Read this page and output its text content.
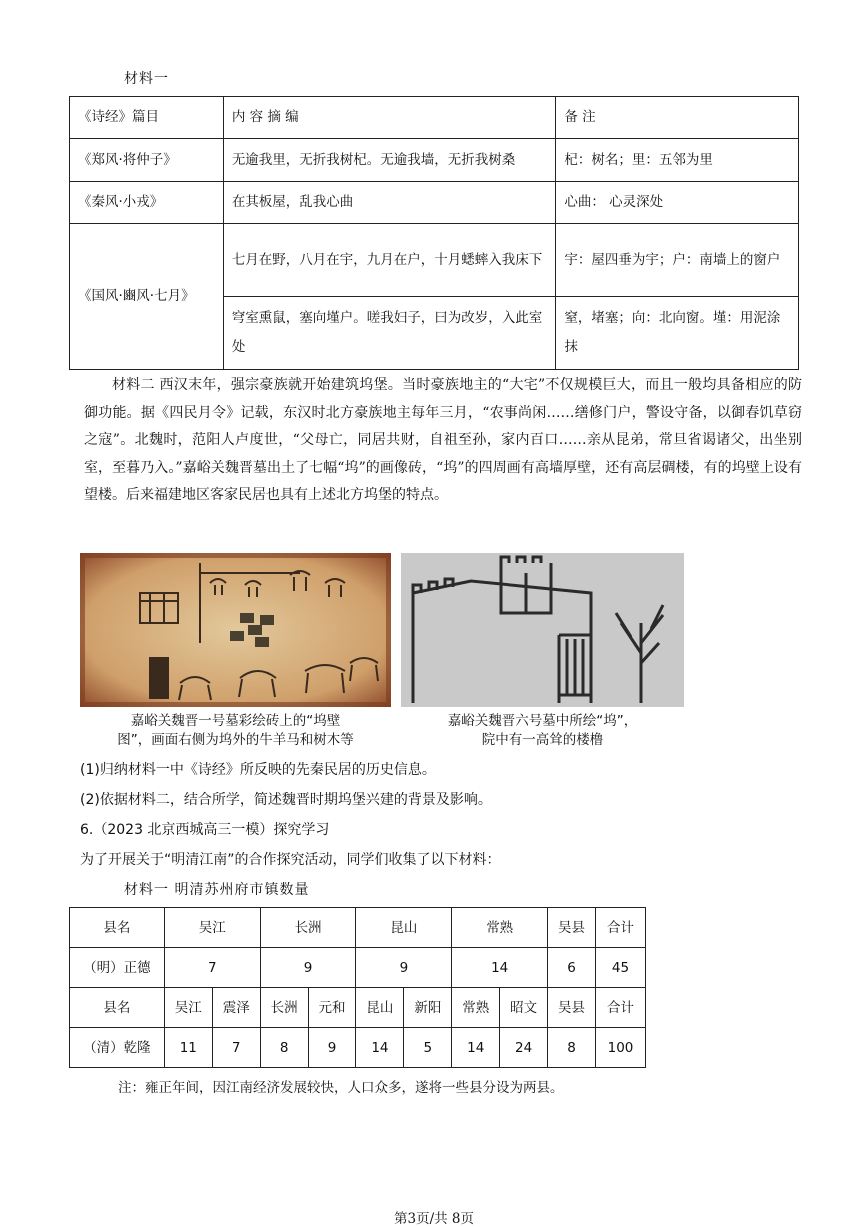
材料一
《诗经》篇目	内 容 摘 编	备 注
《郑风·将仲子》	无逾我里，无折我树杞。无逾我墙，无折我树桑	杞：树名；里：五邻为里
《秦风·小戎》	在其板屋，乱我心曲	心曲： 心灵深处
《国风·豳风·七月》	七月在野，八月在宇，九月在户，十月蟋蟀入我床下	宇：屋四垂为宇；户：南墙上的窗户
	穹室熏鼠，塞向墐户。嗟我妇子，曰为改岁，入此室处	窒，堵塞；向：北向窗。墐：用泥涂抹
材料二 西汉末年，强宗豪族就开始建筑坞堡。当时豪族地主的“大宅”不仅规模巨大，而且一般均具备相应的防御功能。据《四民月令》记载，东汉时北方豪族地主每年三月，“农事尚闲……缮修门户，警设守备，以御春饥草窃之寇”。北魏时，范阳人卢度世，“父母亡，同居共财，自祖至孙，家内百口……亲从昆弟，常旦省谒诸父，出坐别室，至暮乃入。”嘉峪关魏晋墓出土了七幅“坞”的画像砖，“坞”的四周画有高墙厚壁，还有高层碉楼，有的坞壁上设有望楼。后来福建地区客家民居也具有上述北方坞堡的特点。
嘉峪关魏晋一号墓彩绘砖上的“坞壁
图”，画面右侧为坞外的牛羊马和树木等
嘉峪关魏晋六号墓中所绘“坞”，
院中有一高耸的楼橹
(1)归纳材料一中《诗经》所反映的先秦民居的历史信息。
(2)依据材料二，结合所学，简述魏晋时期坞堡兴建的背景及影响。
6.（2023 北京西城高三一模）探究学习
为了开展关于“明清江南”的合作探究活动，同学们收集了以下材料：
材料一 明清苏州府市镇数量
县名	吴江		长洲		昆山		常熟		吴县	合计
（明）正德	7		9		9		14		6	45
县名	吴江	震泽	长洲	元和	昆山	新阳	常熟	昭文	吴县	合计
（清）乾隆	11	7	8	9	14	5	14	24	8	100
注：雍正年间，因江南经济发展较快，人口众多，遂将一些县分设为两县。
第3页/共 8页
